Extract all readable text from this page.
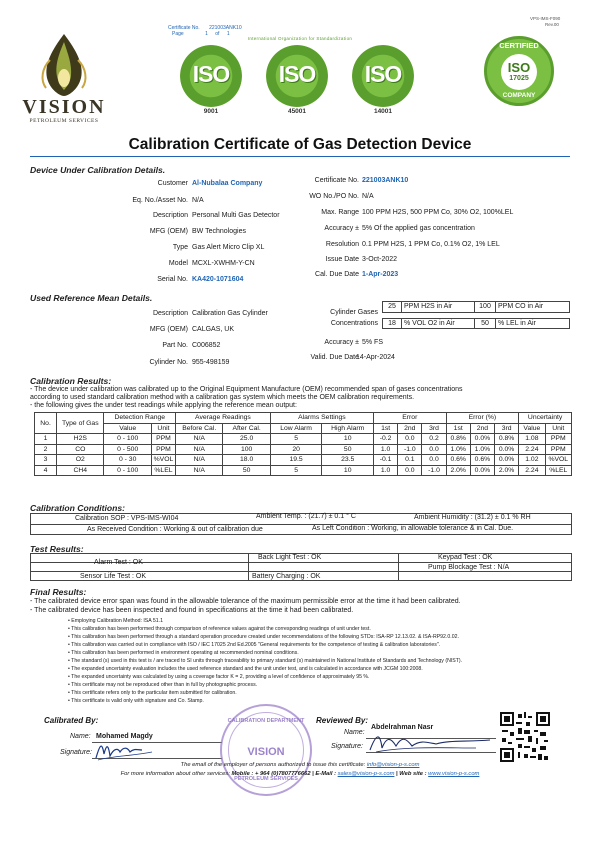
VISION
PETROLEUM SERVICES
Certificate No. 221003ANK10
Page	1 of 1
VPS-IMS-F090
Rev.00
ISO
9001
ISO
45001
ISO
14001
International Organization for Standardization
CERTIFIED
ISO
17025
COMPANY
Calibration Certificate of Gas Detection Device
Device Under Calibration Details.
Customer Al-Nubalaa Company
Eq. No./Asset No. N/A
Description Personal Multi Gas Detector
MFG (OEM) BW Technologies
Type Gas Alert Micro Clip XL
Model MCXL-XWHM-Y-CN
Serial No. KA420-1071604
Certificate No. 221003ANK10
WO No./PO No. N/A
Max. Range 100 PPM H2S, 500 PPM Co, 30% O2, 100%LEL
Accuracy ± 5% Of the applied gas concentration
Resolution 0.1 PPM H2S, 1 PPM Co, 0.1% O2, 1% LEL
Issue Date 3-Oct-2022
Cal. Due Date 1-Apr-2023
Used Reference Mean Details.
Description Calibration Gas Cylinder
MFG (OEM) CALGAS, UK
Part No. C006852
Cylinder No. 955-498159
Cylinder Gases Concentrations
25	PPM H2S in Air	100	PPM CO in Air

18	% VOL O2 in Air	50	% LEL in Air
Accuracy ± 5% FS
Valid. Due Date
14-Apr-2024
Calibration Results:
- The device under calibration was calibrated up to the Original Equipment Manufacture (OEM) recommended span of gases concentrations
according to used standard calibration method with a calibration gas system which meets the OEM calibration requirements.
- the following gives the under test readings while applying the reference mean output:
No.	Type of Gas	Detection Range		Average Readings		Alarms Settings		Error			Error (%)			Uncertainty	
		Value	Unit	Before Cal.	After Cal.	Low Alarm	High Alarm	1st	2nd	3rd	1st	2nd	3rd	Value	Unit
1	H2S	0 - 100	PPM	N/A	25.0	5	10	-0.2	0.0	0.2	0.8%	0.0%	0.8%	1.08	PPM
2	CO	0 - 500	PPM	N/A	100	20	50	1.0	-1.0	0.0	1.0%	1.0%	0.0%	2.24	PPM
3	O2	0 - 30	%VOL	N/A	18.0	19.5	23.5	-0.1	0.1	0.0	0.6%	0.6%	0.0%	1.02	%VOL
4	CH4	0 - 100	%LEL	N/A	50	5	10	1.0	0.0	-1.0	2.0%	0.0%	2.0%	2.24	%LEL
Calibration Conditions:
Calibration SOP : VPS-IMS-WI04	Ambient Temp. : (21.7) ± 0.1 ° C	Ambient Humidity : (31.2) ± 0.1 % RH
As Received Condition : Working & out of calibration due	As Left Condition : Working, in allowable tolerance & in Cal. Due.
Test Results:
Back Light Test : OK	Keypad Test : OK
Alarm Test : OK
Pump Blockage Test : N/A
Sensor Life Test : OK	Battery Charging : OK
Final Results:
- The calibrated device error span was found in the allowable tolerance of the maximum permissible error at the time it had been calibrated.
- The calibrated device has been inspected and found in specifications at the time it had been calibrated.
• Employing Calibration Method: ISA 51.1
• This calibration has been performed through comparison of reference values against the corresponding readings of unit under test.
• This calibration has been performed through a standard operation procedure created under recommendations of the following STDs: ISA-RP 12.13.02. & ISA-RP92.0.02.
• This calibration was carried out in compliance with ISO / IEC 17025 2nd Ed.2005 "General requirements for the competence of testing & calibration laboratories".
• This calibration has been performed in environment operating at recommended nominal conditions.
• The standard (s) used in this test is / are traced to SI units through traceability to primary standard (s) maintained in National Institute of Standards and Technology (NIST).
• The expanded uncertainty evaluation includes the used reference standard and the unit under test, and is calculated in accordance with JCGM 100:2008.
• The expanded uncertainty was calculated by using a coverage factor K = 2, providing a level of confidence of approximately 95 %.
• This certificate may not be reproduced other than in full by photographic process.
• This certificate refers only to the particular item submitted for calibration.
• This certificate is valid only with signature and Co. Stamp.
Calibrated By:	Reviewed By:
Name: Mohamed Magdy
Signature:
Name:
Abdelrahman Nasr
Signature:
CALIBRATION DEPARTMENT
VISION
PETROLEUM SERVICES
The email of the employer of persons authorized to issue this certificate: info@vision-p-s.com
For more information about other services: Mobile : + 964 (0)7807776662 | E-Mail : sales@vision-p-s.com | Web site : www.vision-p-s.com
